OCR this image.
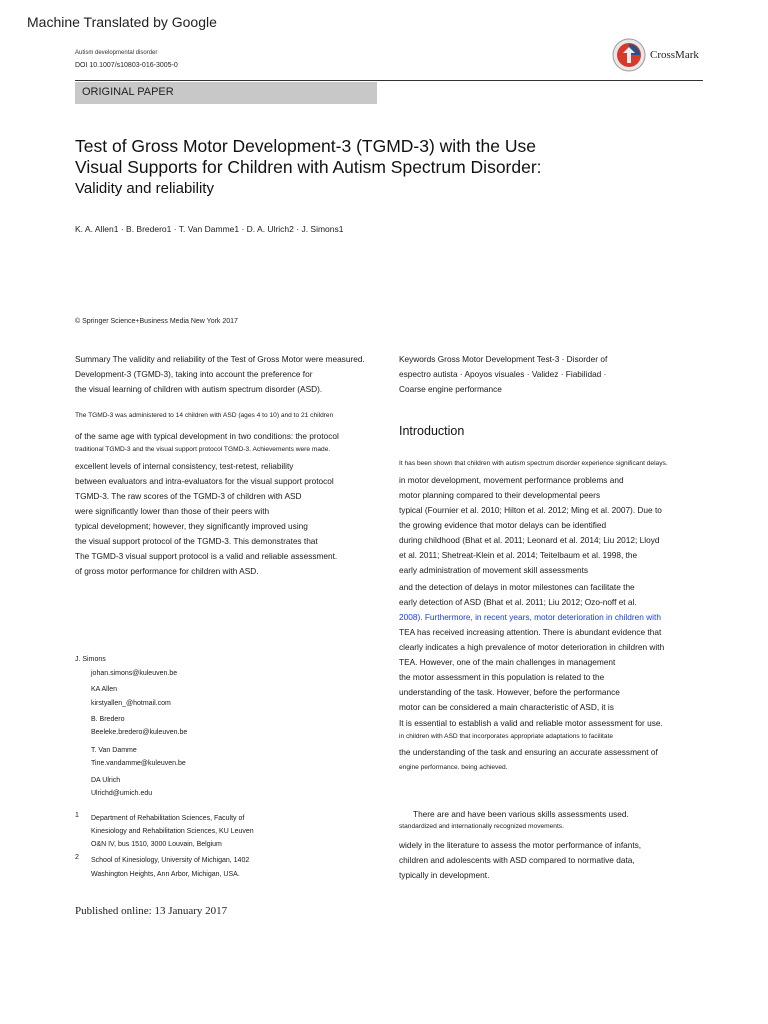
Machine Translated by Google
Autism developmental disorder
DOI 10.1007/s10803-016-3005-0
CrossMark
ORIGINAL PAPER
Test of Gross Motor Development-3 (TGMD-3) with the Use
Visual Supports for Children with Autism Spectrum Disorder:
Validity and reliability
K. A. Allen1 · B. Bredero1 · T. Van Damme1 · D. A. Ulrich2 · J. Simons1
© Springer Science+Business Media New York 2017
Summary The validity and reliability of the Test of Gross Motor were measured.
Development-3 (TGMD-3), taking into account the preference for
the visual learning of children with autism spectrum disorder (ASD).
The TGMD-3 was administered to 14 children with ASD (ages 4 to 10) and to 21 children
of the same age with typical development in two conditions: the protocol
traditional TGMD-3 and the visual support protocol TGMD-3. Achievements were made.
excellent levels of internal consistency, test-retest, reliability
between evaluators and intra-evaluators for the visual support protocol
TGMD-3. The raw scores of the TGMD-3 of children with ASD
were significantly lower than those of their peers with
typical development; however, they significantly improved using
the visual support protocol of the TGMD-3. This demonstrates that
The TGMD-3 visual support protocol is a valid and reliable assessment.
of gross motor performance for children with ASD.
Keywords Gross Motor Development Test-3 · Disorder of
espectro autista · Apoyos visuales · Validez · Fiabilidad ·
Coarse engine performance
Introduction
It has been shown that children with autism spectrum disorder experience significant delays.
in motor development, movement performance problems and
motor planning compared to their developmental peers
typical (Fournier et al. 2010; Hilton et al. 2012; Ming et al. 2007). Due to
the growing evidence that motor delays can be identified
during childhood (Bhat et al. 2011; Leonard et al. 2014; Liu 2012; Lloyd
et al. 2011; Shetreat-Klein et al. 2014; Teitelbaum et al. 1998, the
early administration of movement skill assessments
and the detection of delays in motor milestones can facilitate the
early detection of ASD (Bhat et al. 2011; Liu 2012; Ozo-noff et al.
2008). Furthermore, in recent years, motor deterioration in children with
TEA has received increasing attention. There is abundant evidence that
clearly indicates a high prevalence of motor deterioration in children with
TEA. However, one of the main challenges in management
the motor assessment in this population is related to the
understanding of the task. However, before the performance
motor can be considered a main characteristic of ASD, it is
It is essential to establish a valid and reliable motor assessment for use.
in children with ASD that incorporates appropriate adaptations to facilitate
the understanding of the task and ensuring an accurate assessment of
engine performance. being achieved.
There are and have been various skills assessments used.
standardized and internationally recognized movements.
widely in the literature to assess the motor performance of infants,
children and adolescents with ASD compared to normative data,
typically in development.
J. Simons
johan.simons@kuleuven.be
KA Allen
kirstyallen_@hotmail.com
B. Bredero
Beeleke.bredero@kuleuven.be
T. Van Damme
Tine.vandamme@kuleuven.be
DA Ulrich
Ulrichd@umich.edu
1 Department of Rehabilitation Sciences, Faculty of
Kinesiology and Rehabilitation Sciences, KU Leuven
O&N IV, bus 1510, 3000 Louvain, Belgium
2 School of Kinesiology, University of Michigan, 1402
Washington Heights, Ann Arbor, Michigan, USA.
Published online: 13 January 2017
